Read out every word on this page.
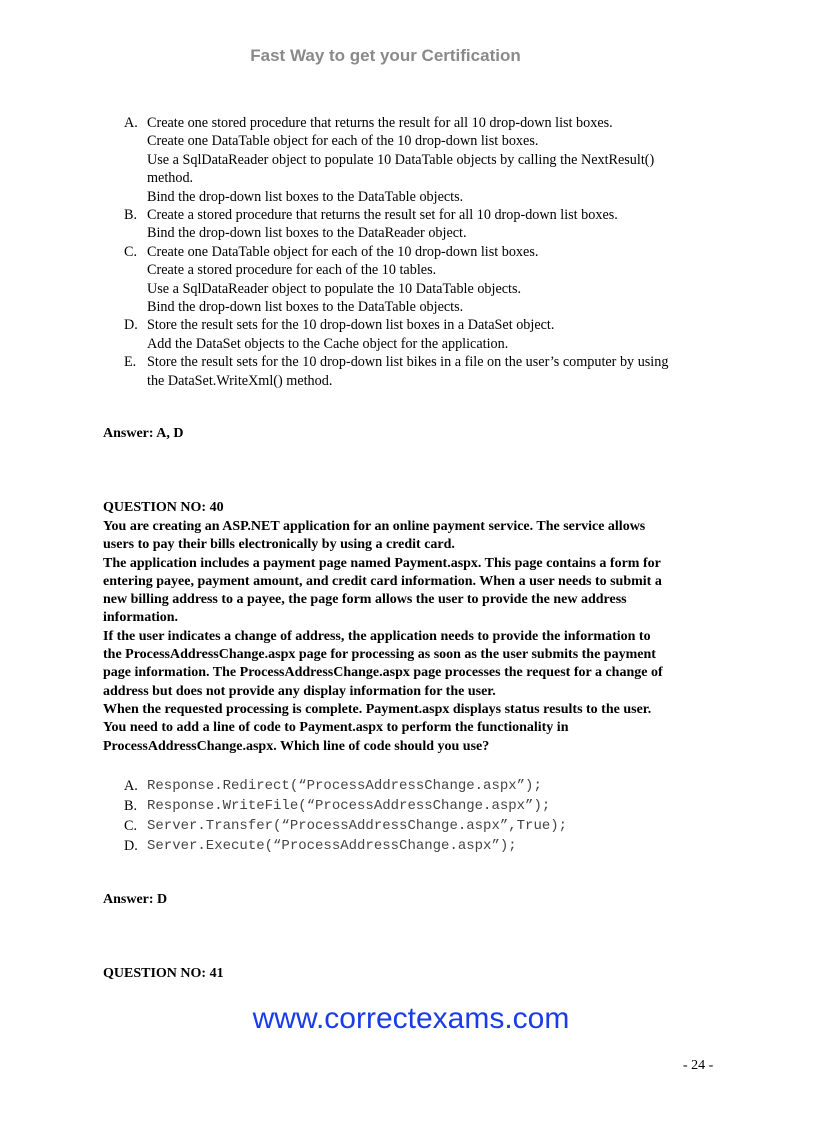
Fast Way to get your Certification
A. Create one stored procedure that returns the result for all 10 drop-down list boxes.
Create one DataTable object for each of the 10 drop-down list boxes.
Use a SqlDataReader object to populate 10 DataTable objects by calling the NextResult()
method.
Bind the drop-down list boxes to the DataTable objects.
B. Create a stored procedure that returns the result set for all 10 drop-down list boxes.
Bind the drop-down list boxes to the DataReader object.
C. Create one DataTable object for each of the 10 drop-down list boxes.
Create a stored procedure for each of the 10 tables.
Use a SqlDataReader object to populate the 10 DataTable objects.
Bind the drop-down list boxes to the DataTable objects.
D. Store the result sets for the 10 drop-down list boxes in a DataSet object.
Add the DataSet objects to the Cache object for the application.
E. Store the result sets for the 10 drop-down list bikes in a file on the user’s computer by using
the DataSet.WriteXml() method.
Answer: A, D
QUESTION NO: 40
You are creating an ASP.NET application for an online payment service. The service allows
users to pay their bills electronically by using a credit card.
The application includes a payment page named Payment.aspx. This page contains a form for
entering payee, payment amount, and credit card information. When a user needs to submit a
new billing address to a payee, the page form allows the user to provide the new address
information.
If the user indicates a change of address, the application needs to provide the information to
the ProcessAddressChange.aspx page for processing as soon as the user submits the payment
page information. The ProcessAddressChange.aspx page processes the request for a change of
address but does not provide any display information for the user.
When the requested processing is complete. Payment.aspx displays status results to the user.
You need to add a line of code to Payment.aspx to perform the functionality in
ProcessAddressChange.aspx. Which line of code should you use?
A. Response.Redirect(“ProcessAddressChange.aspx”);
B. Response.WriteFile(“ProcessAddressChange.aspx”);
C. Server.Transfer(“ProcessAddressChange.aspx”,True);
D. Server.Execute(“ProcessAddressChange.aspx”);
Answer: D
QUESTION NO: 41
www.correctexams.com
- 24 -
